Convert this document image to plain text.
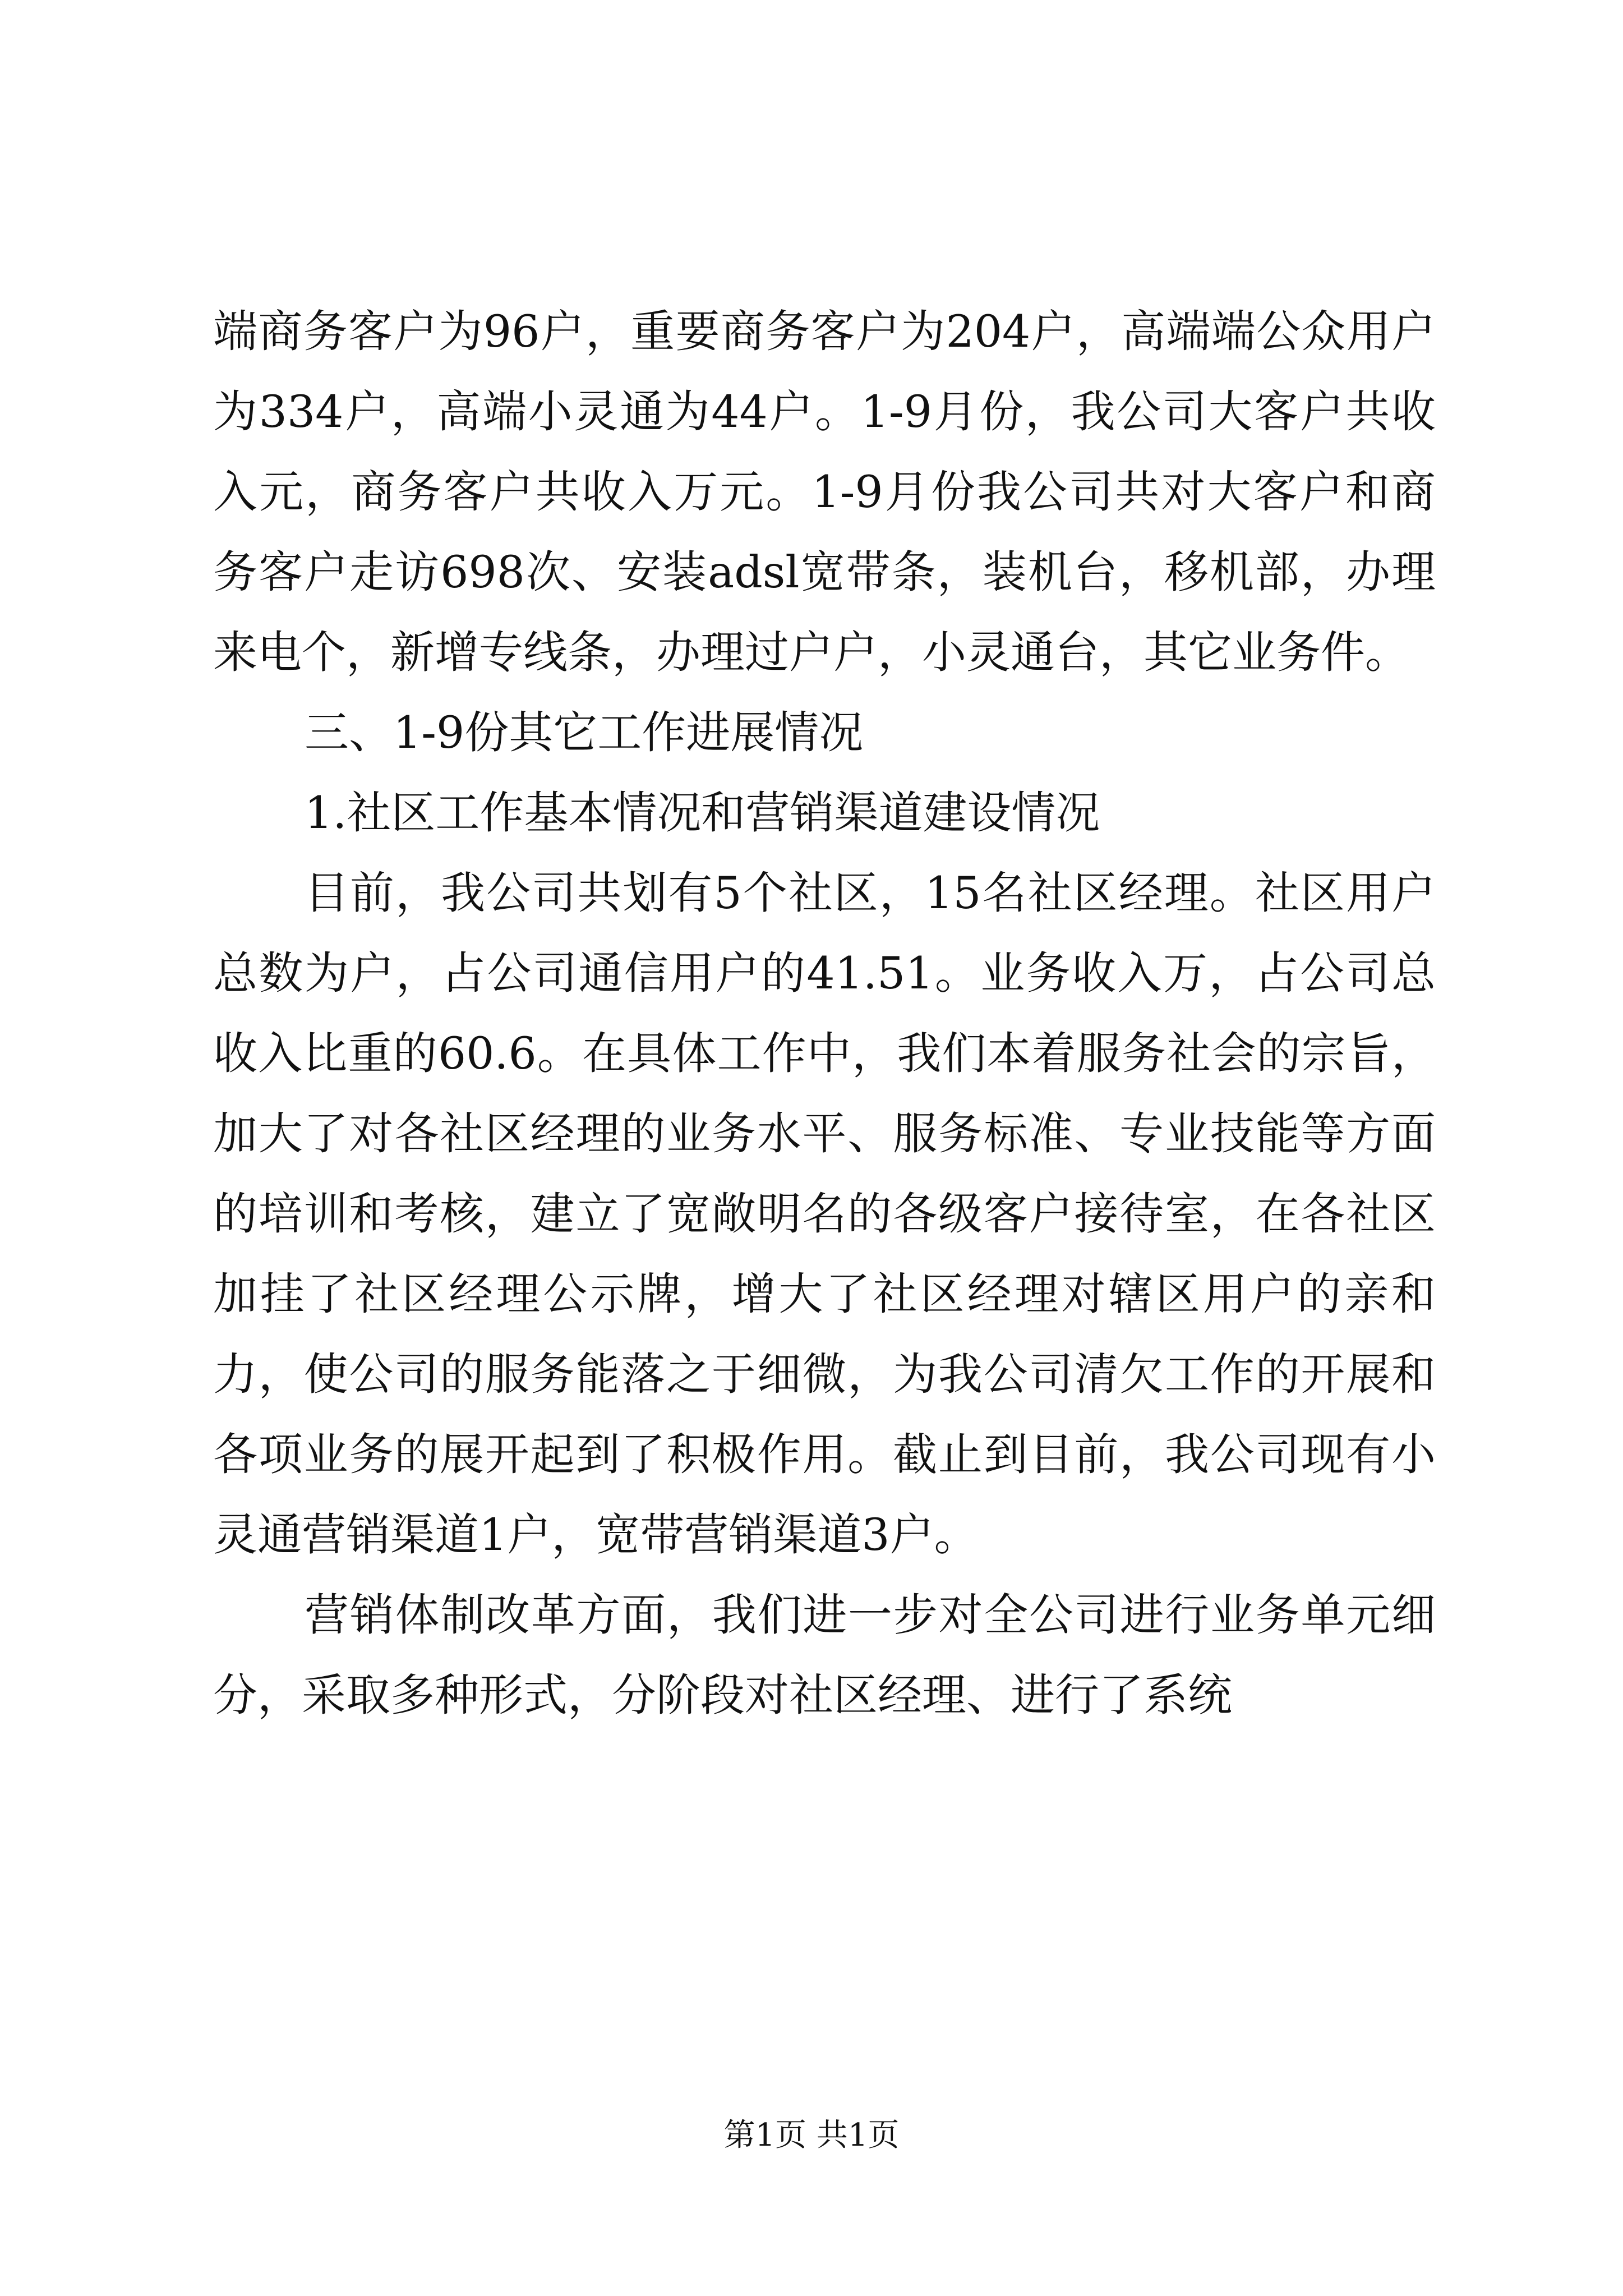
端商务客户为96户，重要商务客户为204户，高端端公众用户为334户，高端小灵通为44户。1-9月份，我公司大客户共收入元，商务客户共收入万元。1-9月份我公司共对大客户和商务客户走访698次、安装adsl宽带条，装机台，移机部，办理来电个，新增专线条，办理过户户，小灵通台，其它业务件。

三、1-9份其它工作进展情况

1.社区工作基本情况和营销渠道建设情况

目前，我公司共划有5个社区，15名社区经理。社区用户总数为户，占公司通信用户的41.51。业务收入万，占公司总收入比重的60.6。在具体工作中，我们本着服务社会的宗旨，加大了对各社区经理的业务水平、服务标准、专业技能等方面的培训和考核，建立了宽敞明名的各级客户接待室，在各社区加挂了社区经理公示牌，增大了社区经理对辖区用户的亲和力，使公司的服务能落之于细微，为我公司清欠工作的开展和各项业务的展开起到了积极作用。截止到目前，我公司现有小灵通营销渠道1户，宽带营销渠道3户。

营销体制改革方面，我们进一步对全公司进行业务单元细分，采取多种形式，分阶段对社区经理、进行了系统

第1页 共1页
